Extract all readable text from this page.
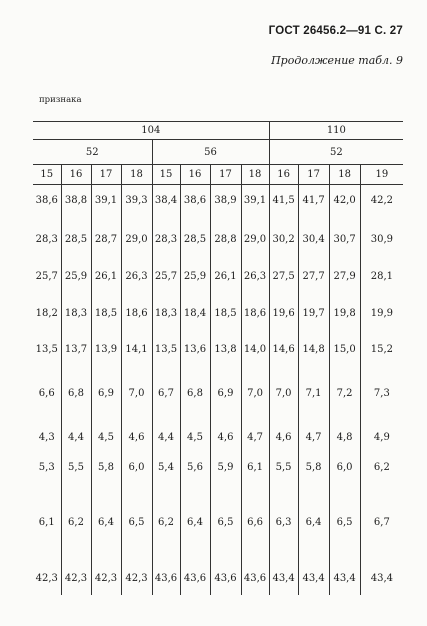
ГОСТ 26456.2—91 С. 27
Продолжение табл. 9
признака
104								110			
52				56				52			
15	16	17	18	15	16	17	18	16	17	18	19
38,6	38,8	39,1	39,3	38,4	38,6	38,9	39,1	41,5	41,7	42,0	42,2
28,3	28,5	28,7	29,0	28,3	28,5	28,8	29,0	30,2	30,4	30,7	30,9
25,7	25,9	26,1	26,3	25,7	25,9	26,1	26,3	27,5	27,7	27,9	28,1
18,2	18,3	18,5	18,6	18,3	18,4	18,5	18,6	19,6	19,7	19,8	19,9
13,5	13,7	13,9	14,1	13,5	13,6	13,8	14,0	14,6	14,8	15,0	15,2
6,6	6,8	6,9	7,0	6,7	6,8	6,9	7,0	7,0	7,1	7,2	7,3
4,3	4,4	4,5	4,6	4,4	4,5	4,6	4,7	4,6	4,7	4,8	4,9
5,3	5,5	5,8	6,0	5,4	5,6	5,9	6,1	5,5	5,8	6,0	6,2
6,1	6,2	6,4	6,5	6,2	6,4	6,5	6,6	6,3	6,4	6,5	6,7
42,3	42,3	42,3	42,3	43,6	43,6	43,6	43,6	43,4	43,4	43,4	43,4
